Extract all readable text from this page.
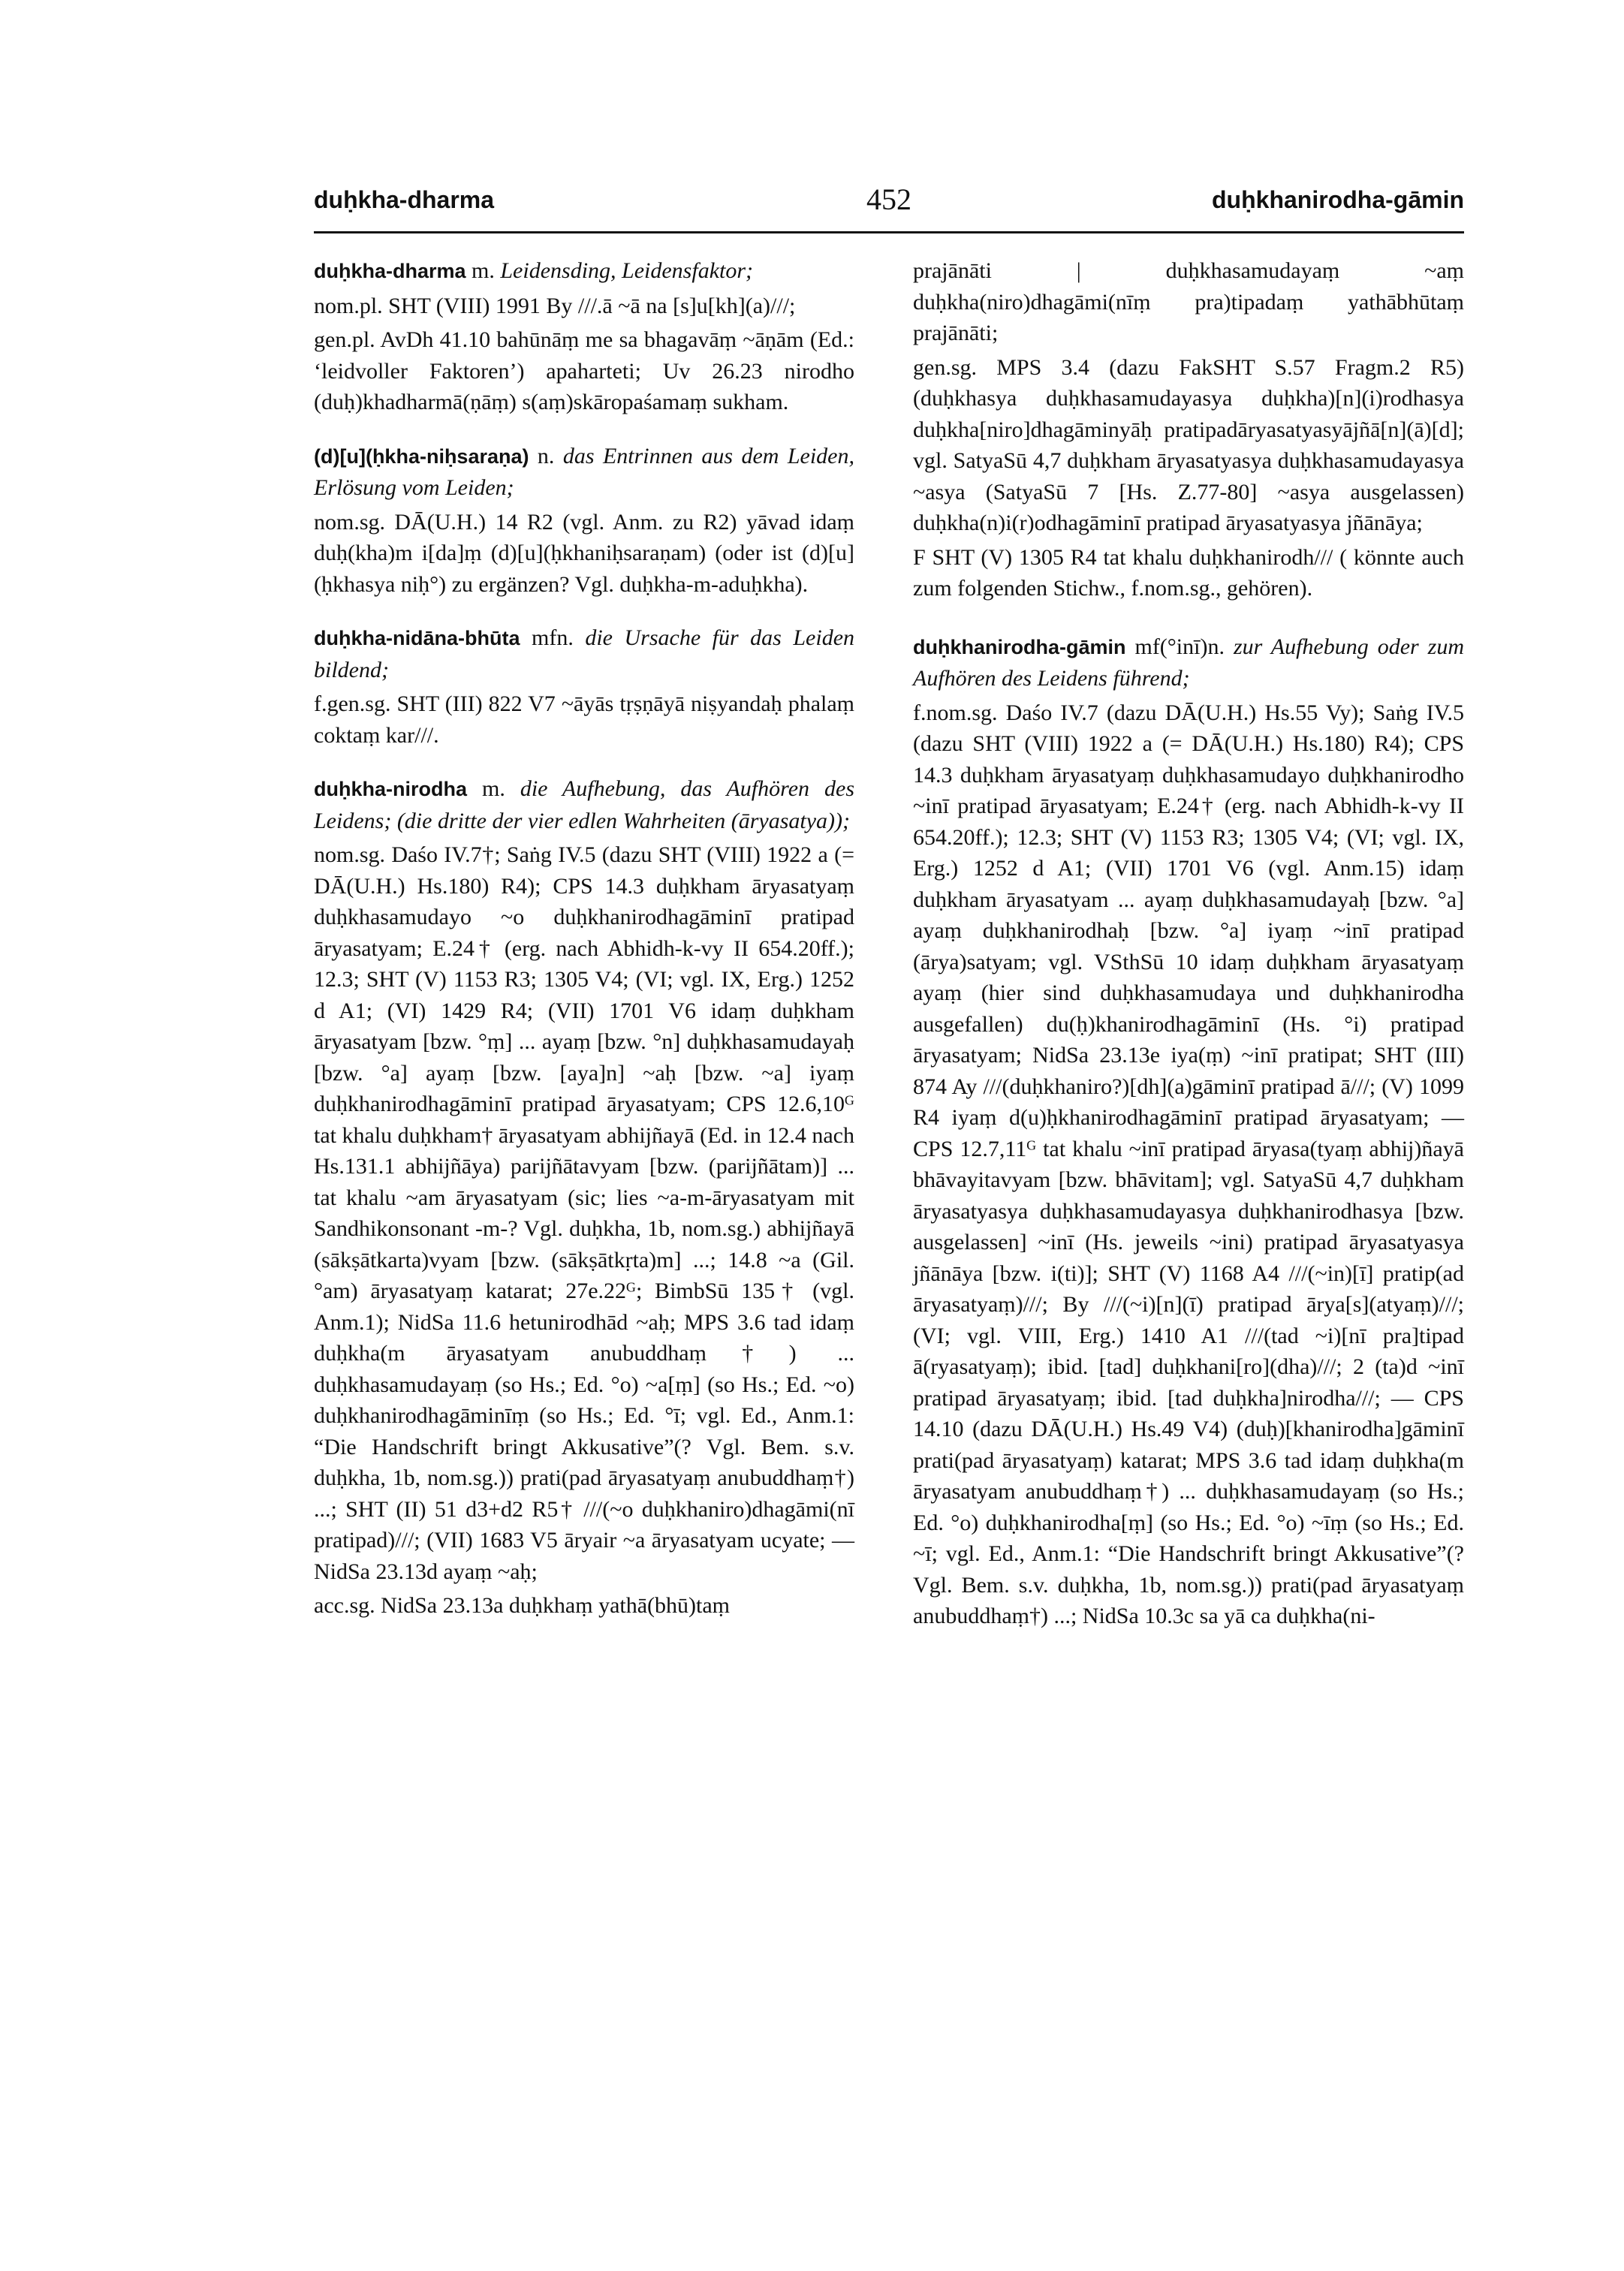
duḥkha-dharma	452	duḥkhanirodha-gāmin

duḥkha-dharma m. Leidensding, Leidensfaktor;

nom.pl. SHT (VIII) 1991 By ///.ā ~ā na [s]u[kh](a)///;

gen.pl. AvDh 41.10 bahūnāṃ me sa bhagavāṃ ~āṇām (Ed.: ‘leidvoller Faktoren’) apaharteti; Uv 26.23 nirodho (duḥ)khadharmā(ṇāṃ) s(aṃ)skāropaśamaṃ sukham.

(d)[u](ḥkha-niḥsaraṇa) n. das Entrinnen aus dem Leiden, Erlösung vom Leiden;

nom.sg. DĀ(U.H.) 14 R2 (vgl. Anm. zu R2) yāvad idaṃ duḥ(kha)m i[da]ṃ (d)[u](ḥkhaniḥsaraṇam) (oder ist (d)[u](ḥkhasya niḥ°) zu ergänzen? Vgl. duḥkha-m-aduḥkha).

duḥkha-nidāna-bhūta mfn. die Ursache für das Leiden bildend;

f.gen.sg. SHT (III) 822 V7 ~āyās tṛṣṇāyā niṣyandaḥ phalaṃ coktaṃ kar///.

duḥkha-nirodha m. die Aufhebung, das Aufhören des Leidens; (die dritte der vier edlen Wahrheiten (āryasatya));

nom.sg. Daśo IV.7†; Saṅg IV.5 (dazu SHT (VIII) 1922 a (= DĀ(U.H.) Hs.180) R4); CPS 14.3 duḥkham āryasatyaṃ duḥkhasamudayo ~o duḥkhanirodhagāminī pratipad āryasatyam; E.24† (erg. nach Abhidh-k-vy II 654.20ff.); 12.3; SHT (V) 1153 R3; 1305 V4; (VI; vgl. IX, Erg.) 1252 d A1; (VI) 1429 R4; (VII) 1701 V6 idaṃ duḥkham āryasatyam [bzw. °ṃ] ... ayaṃ [bzw. °n] duḥkhasamudayaḥ [bzw. °a] ayaṃ [bzw. [aya]n] ~aḥ [bzw. ~a] iyaṃ duḥkhanirodhagāminī pratipad āryasatyam; CPS 12.6,10ᴳ tat khalu duḥkham† āryasatyam abhijñayā (Ed. in 12.4 nach Hs.131.1 abhijñāya) parijñātavyam [bzw. (parijñātam)] ... tat khalu ~am āryasatyam (sic; lies ~a-m-āryasatyam mit Sandhikonsonant -m-? Vgl. duḥkha, 1b, nom.sg.) abhijñayā (sākṣātkarta)vyam [bzw. (sākṣātkṛta)m] ...; 14.8 ~a (Gil. °am) āryasatyaṃ katarat; 27e.22ᴳ; BimbSū 135† (vgl. Anm.1); NidSa 11.6 hetunirodhād ~aḥ; MPS 3.6 tad idaṃ duḥkha(m āryasatyam anubuddhaṃ†) ... duḥkhasamudayaṃ (so Hs.; Ed. °o) ~a[ṃ] (so Hs.; Ed. ~o) duḥkhanirodhagāminīṃ (so Hs.; Ed. °ī; vgl. Ed., Anm.1: “Die Handschrift bringt Akkusative”(? Vgl. Bem. s.v. duḥkha, 1b, nom.sg.)) prati(pad āryasatyaṃ anubuddhaṃ†) ...; SHT (II) 51 d3+d2 R5† ///(~o duḥkhaniro)dhagāmi(nī pratipad)///; (VII) 1683 V5 āryair ~a āryasatyam ucyate; — NidSa 23.13d ayaṃ ~aḥ;

acc.sg. NidSa 23.13a duḥkhaṃ yathā(bhū)taṃ

prajānāti | duḥkhasamudayaṃ ~aṃ duḥkha(niro)dhagāmi(nīṃ pra)tipadaṃ yathābhūtaṃ prajānāti;

gen.sg. MPS 3.4 (dazu FakSHT S.57 Fragm.2 R5) (duḥkhasya duḥkhasamudayasya duḥkha)[n](i)rodhasya duḥkha[niro]dhagāminyāḥ pratipadāryasatyasyājñā[n](ā)[d]; vgl. SatyaSū 4,7 duḥkham āryasatyasya duḥkhasamudayasya ~asya (SatyaSū 7 [Hs. Z.77-80] ~asya ausgelassen) duḥkha(n)i(r)odhagāminī pratipad āryasatyasya jñānāya;

F SHT (V) 1305 R4 tat khalu duḥkhanirodh/// ( könnte auch zum folgenden Stichw., f.nom.sg., gehören).

duḥkhanirodha-gāmin mf(°inī)n. zur Aufhebung oder zum Aufhören des Leidens führend;

f.nom.sg. Daśo IV.7 (dazu DĀ(U.H.) Hs.55 Vy); Saṅg IV.5 (dazu SHT (VIII) 1922 a (= DĀ(U.H.) Hs.180) R4); CPS 14.3 duḥkham āryasatyaṃ duḥkhasamudayo duḥkhanirodho ~inī pratipad āryasatyam; E.24† (erg. nach Abhidh-k-vy II 654.20ff.); 12.3; SHT (V) 1153 R3; 1305 V4; (VI; vgl. IX, Erg.) 1252 d A1; (VII) 1701 V6 (vgl. Anm.15) idaṃ duḥkham āryasatyam ... ayaṃ duḥkhasamudayaḥ [bzw. °a] ayaṃ duḥkhanirodhaḥ [bzw. °a] iyaṃ ~inī pratipad (ārya)satyam; vgl. VSthSū 10 idaṃ duḥkham āryasatyaṃ ayaṃ (hier sind duḥkhasamudaya und duḥkhanirodha ausgefallen) du(ḥ)khanirodhagāminī (Hs. °i) pratipad āryasatyam; NidSa 23.13e iya(ṃ) ~inī pratipat; SHT (III) 874 Ay ///(duḥkhaniro?)[dh](a)gāminī pratipad ā///; (V) 1099 R4 iyaṃ d(u)ḥkhanirodhagāminī pratipad āryasatyam; — CPS 12.7,11ᴳ tat khalu ~inī pratipad āryasa(tyaṃ abhij)ñayā bhāvayitavyam [bzw. bhāvitam]; vgl. SatyaSū 4,7 duḥkham āryasatyasya duḥkhasamudayasya duḥkhanirodhasya [bzw. ausgelassen] ~inī (Hs. jeweils ~ini) pratipad āryasatyasya jñānāya [bzw. i(ti)]; SHT (V) 1168 A4 ///(~in)[ī] pratip(ad āryasatyaṃ)///; By ///(~i)[n](ī) pratipad ārya[s](atyaṃ)///; (VI; vgl. VIII, Erg.) 1410 A1 ///(tad ~i)[nī pra]tipad ā(ryasatyaṃ); ibid. [tad] duḥkhani[ro](dha)///; 2 (ta)d ~inī pratipad āryasatyaṃ; ibid. [tad duḥkha]nirodha///; — CPS 14.10 (dazu DĀ(U.H.) Hs.49 V4) (duḥ)[khanirodha]gāminī prati(pad āryasatyaṃ) katarat; MPS 3.6 tad idaṃ duḥkha(m āryasatyam anubuddhaṃ†) ... duḥkhasamudayaṃ (so Hs.; Ed. °o) duḥkhanirodha[ṃ] (so Hs.; Ed. °o) ~īṃ (so Hs.; Ed. ~ī; vgl. Ed., Anm.1: “Die Handschrift bringt Akkusative”(? Vgl. Bem. s.v. duḥkha, 1b, nom.sg.)) prati(pad āryasatyaṃ anubuddhaṃ†) ...; NidSa 10.3c sa yā ca duḥkha(ni-
